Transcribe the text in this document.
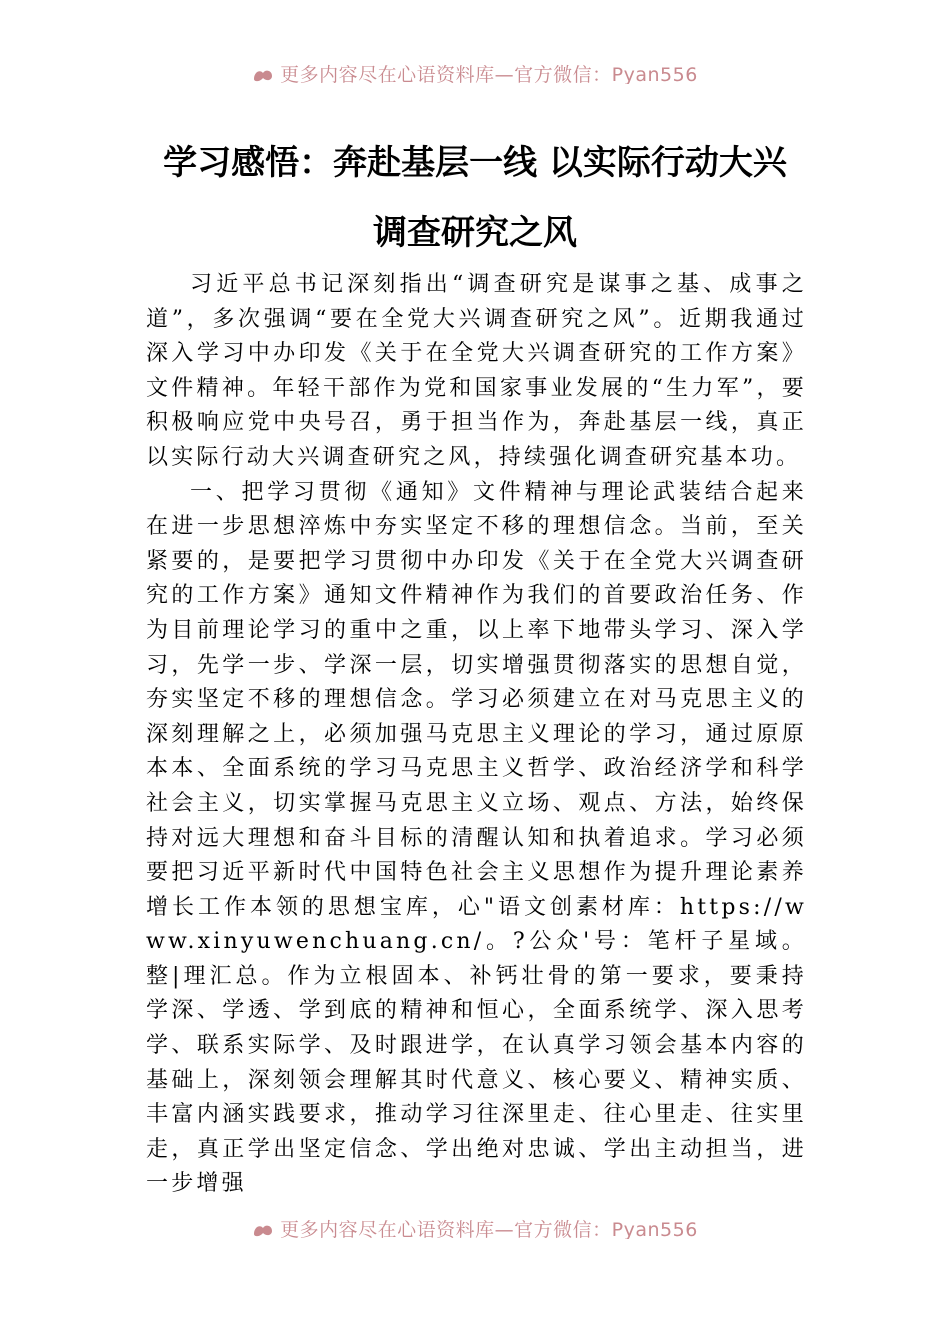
更多内容尽在心语资料库—官方微信：Pyan556
学习感悟：奔赴基层一线 以实际行动大兴
调查研究之风

习近平总书记深刻指出“调查研究是谋事之基、成事之道”，多次强调“要在全党大兴调查研究之风”。近期我通过深入学习中办印发《关于在全党大兴调查研究的工作方案》文件精神。年轻干部作为党和国家事业发展的“生力军”，要积极响应党中央号召，勇于担当作为，奔赴基层一线，真正以实际行动大兴调查研究之风，持续强化调查研究基本功。

一、把学习贯彻《通知》文件精神与理论武装结合起来在进一步思想淬炼中夯实坚定不移的理想信念。当前，至关紧要的，是要把学习贯彻中办印发《关于在全党大兴调查研究的工作方案》通知文件精神作为我们的首要政治任务、作为目前理论学习的重中之重，以上率下地带头学习、深入学习，先学一步、学深一层，切实增强贯彻落实的思想自觉，夯实坚定不移的理想信念。学习必须建立在对马克思主义的深刻理解之上，必须加强马克思主义理论的学习，通过原原本本、全面系统的学习马克思主义哲学、政治经济学和科学社会主义，切实掌握马克思主义立场、观点、方法，始终保持对远大理想和奋斗目标的清醒认知和执着追求。学习必须要把习近平新时代中国特色社会主义思想作为提升理论素养增长工作本领的思想宝库，心"语文创素材库：https://www.xinyuwenchuang.cn/。?公众'号：笔杆子星域。整|理汇总。作为立根固本、补钙壮骨的第一要求，要秉持学深、学透、学到底的精神和恒心，全面系统学、深入思考学、联系实际学、及时跟进学，在认真学习领会基本内容的基础上，深刻领会理解其时代意义、核心要义、精神实质、丰富内涵实践要求，推动学习往深里走、往心里走、往实里走，真正学出坚定信念、学出绝对忠诚、学出主动担当，进一步增强

更多内容尽在心语资料库—官方微信：Pyan556
